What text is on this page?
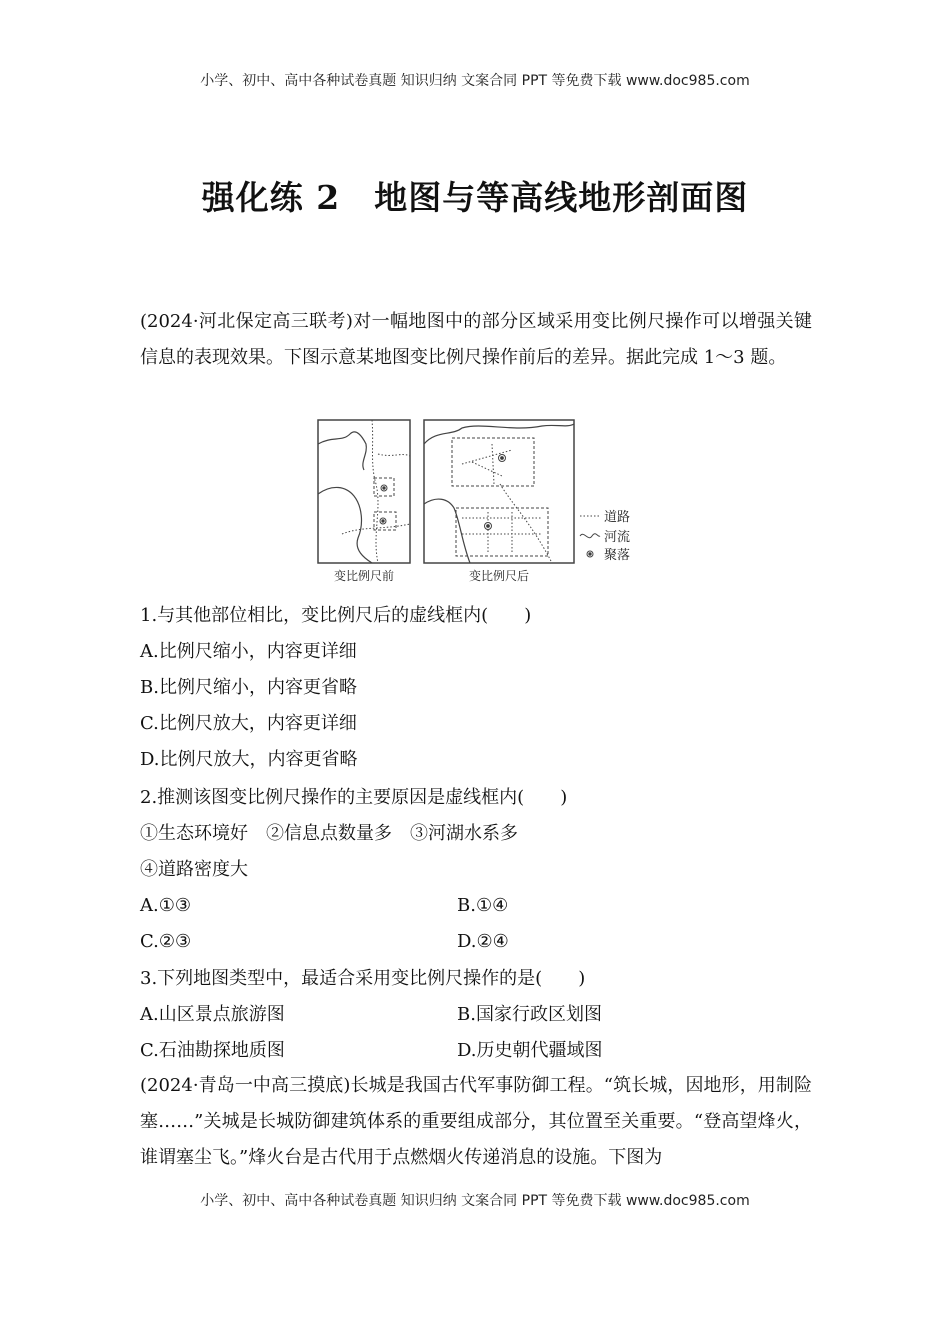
小学、初中、高中各种试卷真题 知识归纳 文案合同 PPT 等免费下载 www.doc985.com
强化练 2　地图与等高线地形剖面图
(2024·河北保定高三联考)对一幅地图中的部分区域采用变比例尺操作可以增强关键信息的表现效果。下图示意某地图变比例尺操作前后的差异。据此完成 1～3 题。
道路
河流
聚落
变比例尺前	变比例尺后
1.与其他部位相比，变比例尺后的虚线框内(　　)
A.比例尺缩小，内容更详细
B.比例尺缩小，内容更省略
C.比例尺放大，内容更详细
D.比例尺放大，内容更省略
2.推测该图变比例尺操作的主要原因是虚线框内(　　)
①生态环境好　②信息点数量多　③河湖水系多
④道路密度大
A.①③	B.①④
C.②③	D.②④
3.下列地图类型中，最适合采用变比例尺操作的是(　　)
A.山区景点旅游图	B.国家行政区划图
C.石油勘探地质图	D.历史朝代疆域图
(2024·青岛一中高三摸底)长城是我国古代军事防御工程。“筑长城，因地形，用制险塞……”关城是长城防御建筑体系的重要组成部分，其位置至关重要。“登高望烽火，谁谓塞尘飞。”烽火台是古代用于点燃烟火传递消息的设施。下图为
小学、初中、高中各种试卷真题 知识归纳 文案合同 PPT 等免费下载 www.doc985.com
